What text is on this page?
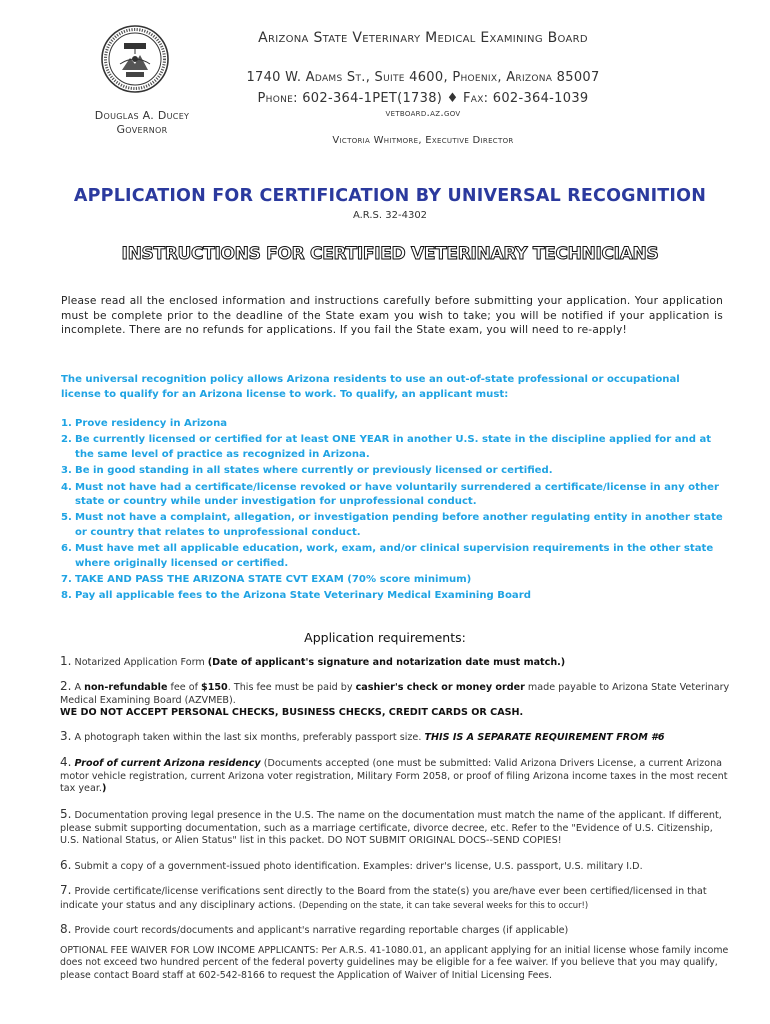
Arizona State Veterinary Medical Examining Board
1740 W. Adams St., Suite 4600, Phoenix, Arizona 85007
Phone: 602-364-1PET(1738) ♦ Fax: 602-364-1039
vetboard.az.gov
Douglas A. Ducey
Governor
Victoria Whitmore, Executive Director
APPLICATION FOR CERTIFICATION BY UNIVERSAL RECOGNITION
A.R.S. 32-4302
INSTRUCTIONS FOR CERTIFIED VETERINARY TECHNICIANS
Please read all the enclosed information and instructions carefully before submitting your application. Your application must be complete prior to the deadline of the State exam you wish to take; you will be notified if your application is incomplete. There are no refunds for applications. If you fail the State exam, you will need to re-apply!
The universal recognition policy allows Arizona residents to use an out-of-state professional or occupational license to qualify for an Arizona license to work. To qualify, an applicant must:
1. Prove residency in Arizona
2. Be currently licensed or certified for at least ONE YEAR in another U.S. state in the discipline applied for and at the same level of practice as recognized in Arizona.
3. Be in good standing in all states where currently or previously licensed or certified.
4. Must not have had a certificate/license revoked or have voluntarily surrendered a certificate/license in any other state or country while under investigation for unprofessional conduct.
5. Must not have a complaint, allegation, or investigation pending before another regulating entity in another state or country that relates to unprofessional conduct.
6. Must have met all applicable education, work, exam, and/or clinical supervision requirements in the other state where originally licensed or certified.
7. TAKE AND PASS THE ARIZONA STATE CVT EXAM (70% score minimum)
8. Pay all applicable fees to the Arizona State Veterinary Medical Examining Board
Application requirements:
1. Notarized Application Form (Date of applicant's signature and notarization date must match.)
2. A non-refundable fee of $150. This fee must be paid by cashier's check or money order made payable to Arizona State Veterinary Medical Examining Board (AZVMEB).
WE DO NOT ACCEPT PERSONAL CHECKS, BUSINESS CHECKS, CREDIT CARDS OR CASH.
3. A photograph taken within the last six months, preferably passport size. THIS IS A SEPARATE REQUIREMENT FROM #6
4. Proof of current Arizona residency (Documents accepted (one must be submitted: Valid Arizona Drivers License, a current Arizona motor vehicle registration, current Arizona voter registration, Military Form 2058, or proof of filing Arizona income taxes in the most recent tax year.)
5. Documentation proving legal presence in the U.S. The name on the documentation must match the name of the applicant. If different, please submit supporting documentation, such as a marriage certificate, divorce decree, etc. Refer to the "Evidence of U.S. Citizenship, U.S. National Status, or Alien Status" list in this packet. DO NOT SUBMIT ORIGINAL DOCS--SEND COPIES!
6. Submit a copy of a government-issued photo identification. Examples: driver's license, U.S. passport, U.S. military I.D.
7. Provide certificate/license verifications sent directly to the Board from the state(s) you are/have ever been certified/licensed in that indicate your status and any disciplinary actions. (Depending on the state, it can take several weeks for this to occur!)
8. Provide court records/documents and applicant's narrative regarding reportable charges (if applicable)
OPTIONAL FEE WAIVER FOR LOW INCOME APPLICANTS: Per A.R.S. 41-1080.01, an applicant applying for an initial license whose family income does not exceed two hundred percent of the federal poverty guidelines may be eligible for a fee waiver. If you believe that you may qualify, please contact Board staff at 602-542-8166 to request the Application of Waiver of Initial Licensing Fees.
